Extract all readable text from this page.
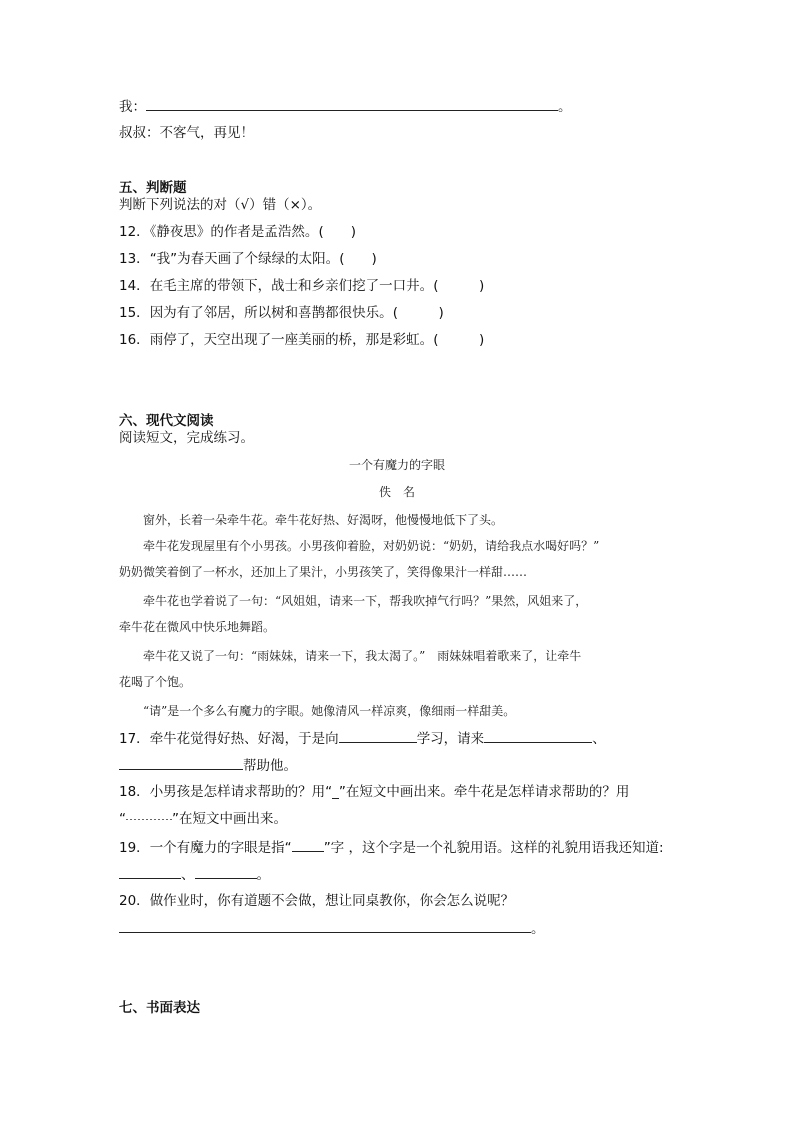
我：	。
叔叔：不客气，再见！
五、判断题
判断下列说法的对（√）错（×）。
12．《静夜思》的作者是孟浩然。(　　)
13．“我”为春天画了个绿绿的太阳。(　　)
14．在毛主席的带领下，战士和乡亲们挖了一口井。(　　　)
15．因为有了邻居，所以树和喜鹊都很快乐。(　　　)
16．雨停了，天空出现了一座美丽的桥，那是彩虹。(　　　)
六、现代文阅读
阅读短文，完成练习。
一个有魔力的字眼
佚　名
窗外，长着一朵牵牛花。牵牛花好热、好渴呀，他慢慢地低下了头。
牵牛花发现屋里有个小男孩。小男孩仰着脸，对奶奶说：“奶奶，请给我点水喝好吗？”
奶奶微笑着倒了一杯水，还加上了果汁，小男孩笑了，笑得像果汁一样甜……
牵牛花也学着说了一句：“风姐姐，请来一下，帮我吹掉气行吗？”果然，风姐来了，
牵牛花在微风中快乐地舞蹈。
牵牛花又说了一句：“雨妹妹，请来一下，我太渴了。”　雨妹妹唱着歌来了，让牵牛
花喝了个饱。
“请”是一个多么有魔力的字眼。她像清风一样凉爽，像细雨一样甜美。
17．牵牛花觉得好热、好渴，于是向	学习，请来	、
帮助他。
18．小男孩是怎样请求帮助的？用“_”在短文中画出来。牵牛花是怎样请求帮助的？用
“	”在短文中画出来。
19．一个有魔力的字眼是指“ ”字 ，这个字是一个礼貌用语。这样的礼貌用语我还知道:
、	。
20．做作业时，你有道题不会做，想让同桌教你，你会怎么说呢？
。
七、书面表达
